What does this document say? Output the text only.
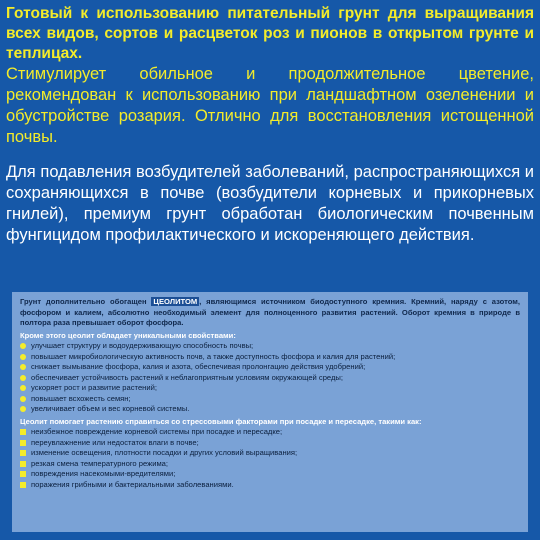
Готовый к использованию питательный грунт для выращивания всех видов, сортов и расцветок роз и пионов в открытом грунте и теплицах.

Стимулирует обильное и продолжительное цветение, рекомендован к использованию при ландшафтном озеленении и обустройстве розария. Отлично для восстановления истощенной почвы.

Для подавления возбудителей заболеваний, распространяющихся и сохраняющихся в почве (возбудители корневых и прикорневых гнилей), премиум грунт обработан биологическим почвенным фунгицидом профилактического и искореняющего действия.

Грунт дополнительно обогащен ЦЕОЛИТОМ , являющимся источником биодоступного кремния. Кремний, наряду с азотом, фосфором и калием, абсолютно необходимый элемент для полноценного развития растений. Оборот кремния в природе в полтора раза превышает оборот фосфора.

Кроме этого цеолит обладает уникальными свойствами:

улучшает структуру и водоудерживающую способность почвы;
повышает микробиологическую активность почв, а также доступность фосфора и калия для растений;
снижает вымывание фосфора, калия и азота, обеспечивая пролонгацию действия удобрений;
обеспечивает устойчивость растений к неблагоприятным условиям окружающей среды;
ускоряет рост и развитие растений;
повышает всхожесть семян;
увеличивает объем и вес корневой системы.

Цеолит помогает растению справиться со стрессовыми факторами при посадке и пересадке, такими как:

неизбежное повреждение корневой системы при посадке и пересадке;
переувлажнение или недостаток влаги в почве;
изменение освещения, плотности посадки и других условий выращивания;
резкая смена температурного режима;
повреждения насекомыми-вредителями;
поражения грибными и бактериальными заболеваниями.
